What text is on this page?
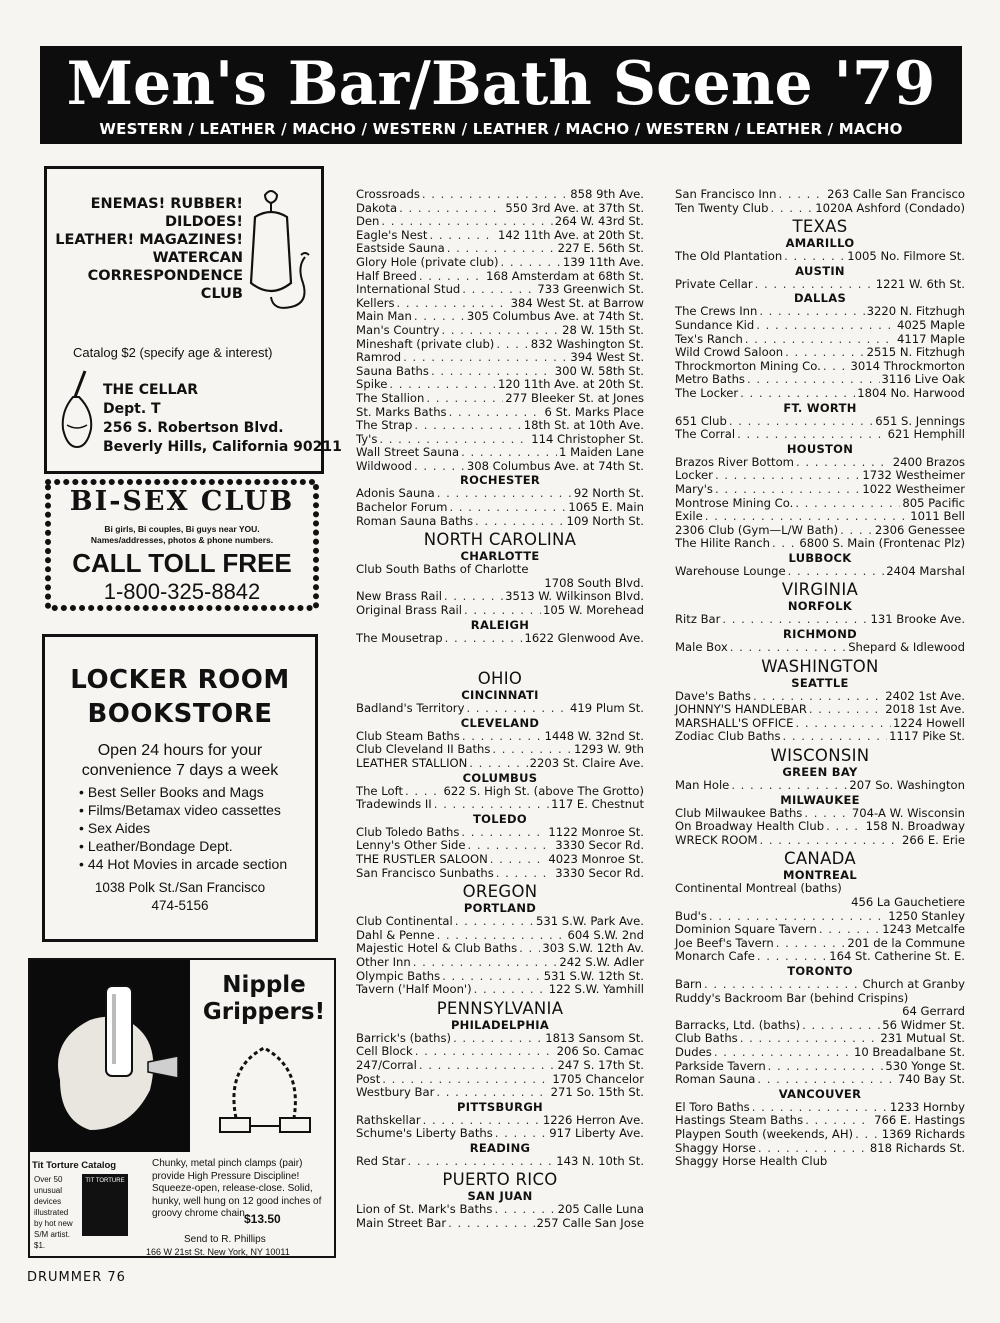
Men's Bar/Bath Scene '79
WESTERN / LEATHER / MACHO / WESTERN / LEATHER / MACHO / WESTERN / LEATHER / MACHO
ENEMAS! RUBBER!
DILDOES!
LEATHER! MAGAZINES!
WATERCAN
CORRESPONDENCE
CLUB
Catalog $2 (specify age & interest)
THE CELLAR
Dept. T
256 S. Robertson Blvd.
Beverly Hills, California 90211
BI-SEX CLUB
Bi girls, Bi couples, Bi guys near YOU.
Names/addresses, photos & phone numbers.
CALL TOLL FREE
1-800-325-8842
LOCKER ROOM
BOOKSTORE
Open 24 hours for your
convenience 7 days a week
• Best Seller Books and Mags
• Films/Betamax video cassettes
• Sex Aides
• Leather/Bondage Dept.
• 44 Hot Movies in arcade section
1038 Polk St./San Francisco
474-5156
Nipple Grippers!
Tit Torture Catalog
Over 50 unusual devices illustrated by hot new S/M artist. $1.
TIT TORTURE
Chunky, metal pinch clamps (pair) provide High Pressure Discipline! Squeeze-open, release-close. Solid, hunky, well hung on 12 good inches of groovy chrome chain $13.50
Send to R. Phillips
166 W 21st St. New York, NY 10011
Crossroads . . .	858 9th Ave.
Dakota . . .	550 3rd Ave. at 37th St.
Den . . .	264 W. 43rd St.
Eagle's Nest . . .	142 11th Ave. at 20th St.
Eastside Sauna . . .	227 E. 56th St.
Glory Hole (private club) . . .	139 11th Ave.
Half Breed . . .	168 Amsterdam at 68th St.
International Stud . . .	733 Greenwich St.
Kellers . . .	384 West St. at Barrow
Main Man . . .	305 Columbus Ave. at 74th St.
Man's Country . . .	28 W. 15th St.
Mineshaft (private club) . . .	832 Washington St.
Ramrod . . .	394 West St.
Sauna Baths . . .	300 W. 58th St.
Spike . . .	120 11th Ave. at 20th St.
The Stallion . . .	277 Bleeker St. at Jones
St. Marks Baths . . .	6 St. Marks Place
The Strap . . .	18th St. at 10th Ave.
Ty's . . .	114 Christopher St.
Wall Street Sauna . . .	1 Maiden Lane
Wildwood . . .	308 Columbus Ave. at 74th St.
ROCHESTER
Adonis Sauna . . .	92 North St.
Bachelor Forum . . .	1065 E. Main
Roman Sauna Baths . . .	109 North St.
NORTH CAROLINA
CHARLOTTE
Club South Baths of Charlotte
1708 South Blvd.
New Brass Rail . . .	3513 W. Wilkinson Blvd.
Original Brass Rail . . .	105 W. Morehead
RALEIGH
The Mousetrap . . .	1622 Glenwood Ave.
OHIO
CINCINNATI
Badland's Territory . . .	419 Plum St.
CLEVELAND
Club Steam Baths . . .	1448 W. 32nd St.
Club Cleveland II Baths . . .	1293 W. 9th
LEATHER STALLION . . .	2203 St. Claire Ave.
COLUMBUS
The Loft . . .	622 S. High St. (above The Grotto)
Tradewinds II . . .	117 E. Chestnut
TOLEDO
Club Toledo Baths . . .	1122 Monroe St.
Lenny's Other Side . . .	3330 Secor Rd.
THE RUSTLER SALOON . . .	4023 Monroe St.
San Francisco Sunbaths . . .	3330 Secor Rd.
OREGON
PORTLAND
Club Continental . . .	531 S.W. Park Ave.
Dahl & Penne . . .	604 S.W. 2nd
Majestic Hotel & Club Baths . . . 303 S.W. 12th Av.
Other Inn . . .	242 S.W. Adler
Olympic Baths . . .	531 S.W. 12th St.
Tavern ('Half Moon') . . .	122 S.W. Yamhill
PENNSYLVANIA
PHILADELPHIA
Barrick's (baths) . . .	1813 Sansom St.
Cell Block . . .	206 So. Camac
247/Corral . . .	247 S. 17th St.
Post . . .	1705 Chancelor
Westbury Bar . . .	271 So. 15th St.
PITTSBURGH
Rathskellar . . .	1226 Herron Ave.
Schume's Liberty Baths . . .	917 Liberty Ave.
READING
Red Star . . .	143 N. 10th St.
PUERTO RICO
SAN JUAN
Lion of St. Mark's Baths . . .	205 Calle Luna
Main Street Bar . . .	257 Calle San Jose
San Francisco Inn . . .	263 Calle San Francisco
Ten Twenty Club . . .	1020A Ashford (Condado)
TEXAS
AMARILLO
The Old Plantation . . .	1005 No. Filmore St.
AUSTIN
Private Cellar . . .	1221 W. 6th St.
DALLAS
The Crews Inn . . .	3220 N. Fitzhugh
Sundance Kid . . .	4025 Maple
Tex's Ranch . . .	4117 Maple
Wild Crowd Saloon . . .	2515 N. Fitzhugh
Throckmorton Mining Co. . . .	3014 Throckmorton
Metro Baths . . .	3116 Live Oak
The Locker . . .	1804 No. Harwood
FT. WORTH
651 Club . . .	651 S. Jennings
The Corral . . .	621 Hemphill
HOUSTON
Brazos River Bottom . . .	2400 Brazos
Locker . . .	1732 Westheimer
Mary's . . .	1022 Westheimer
Montrose Mining Co. . . .	805 Pacific
Exile . . .	1011 Bell
2306 Club (Gym—L/W Bath) . . .	2306 Genessee
The Hilite Ranch . . .	6800 S. Main (Frontenac Plz)
LUBBOCK
Warehouse Lounge . . .	2404 Marshal
VIRGINIA
NORFOLK
Ritz Bar . . .	131 Brooke Ave.
RICHMOND
Male Box . . .	Shepard & Idlewood
WASHINGTON
SEATTLE
Dave's Baths . . .	2402 1st Ave.
JOHNNY'S HANDLEBAR . . .	2018 1st Ave.
MARSHALL'S OFFICE . . .	1224 Howell
Zodiac Club Baths . . .	1117 Pike St.
WISCONSIN
GREEN BAY
Man Hole . . .	207 So. Washington
MILWAUKEE
Club Milwaukee Baths . . .	704-A W. Wisconsin
On Broadway Health Club . . .	158 N. Broadway
WRECK ROOM . . .	266 E. Erie
CANADA
MONTREAL
Continental Montreal (baths)
456 La Gauchetiere
Bud's . . .	1250 Stanley
Dominion Square Tavern . . .	1243 Metcalfe
Joe Beef's Tavern . . .	201 de la Commune
Monarch Cafe . . .	164 St. Catherine St. E.
TORONTO
Barn . . .	Church at Granby
Ruddy's Backroom Bar (behind Crispins)
64 Gerrard
Barracks, Ltd. (baths) . . .	56 Widmer St.
Club Baths . . .	231 Mutual St.
Dudes . . .	10 Breadalbane St.
Parkside Tavern . . .	530 Yonge St.
Roman Sauna . . .	740 Bay St.
VANCOUVER
El Toro Baths . . .	1233 Hornby
Hastings Steam Baths . . .	766 E. Hastings
Playpen South (weekends, AH) . . . 1369 Richards
Shaggy Horse . . .	818 Richards St.
Shaggy Horse Health Club
DRUMMER 76
